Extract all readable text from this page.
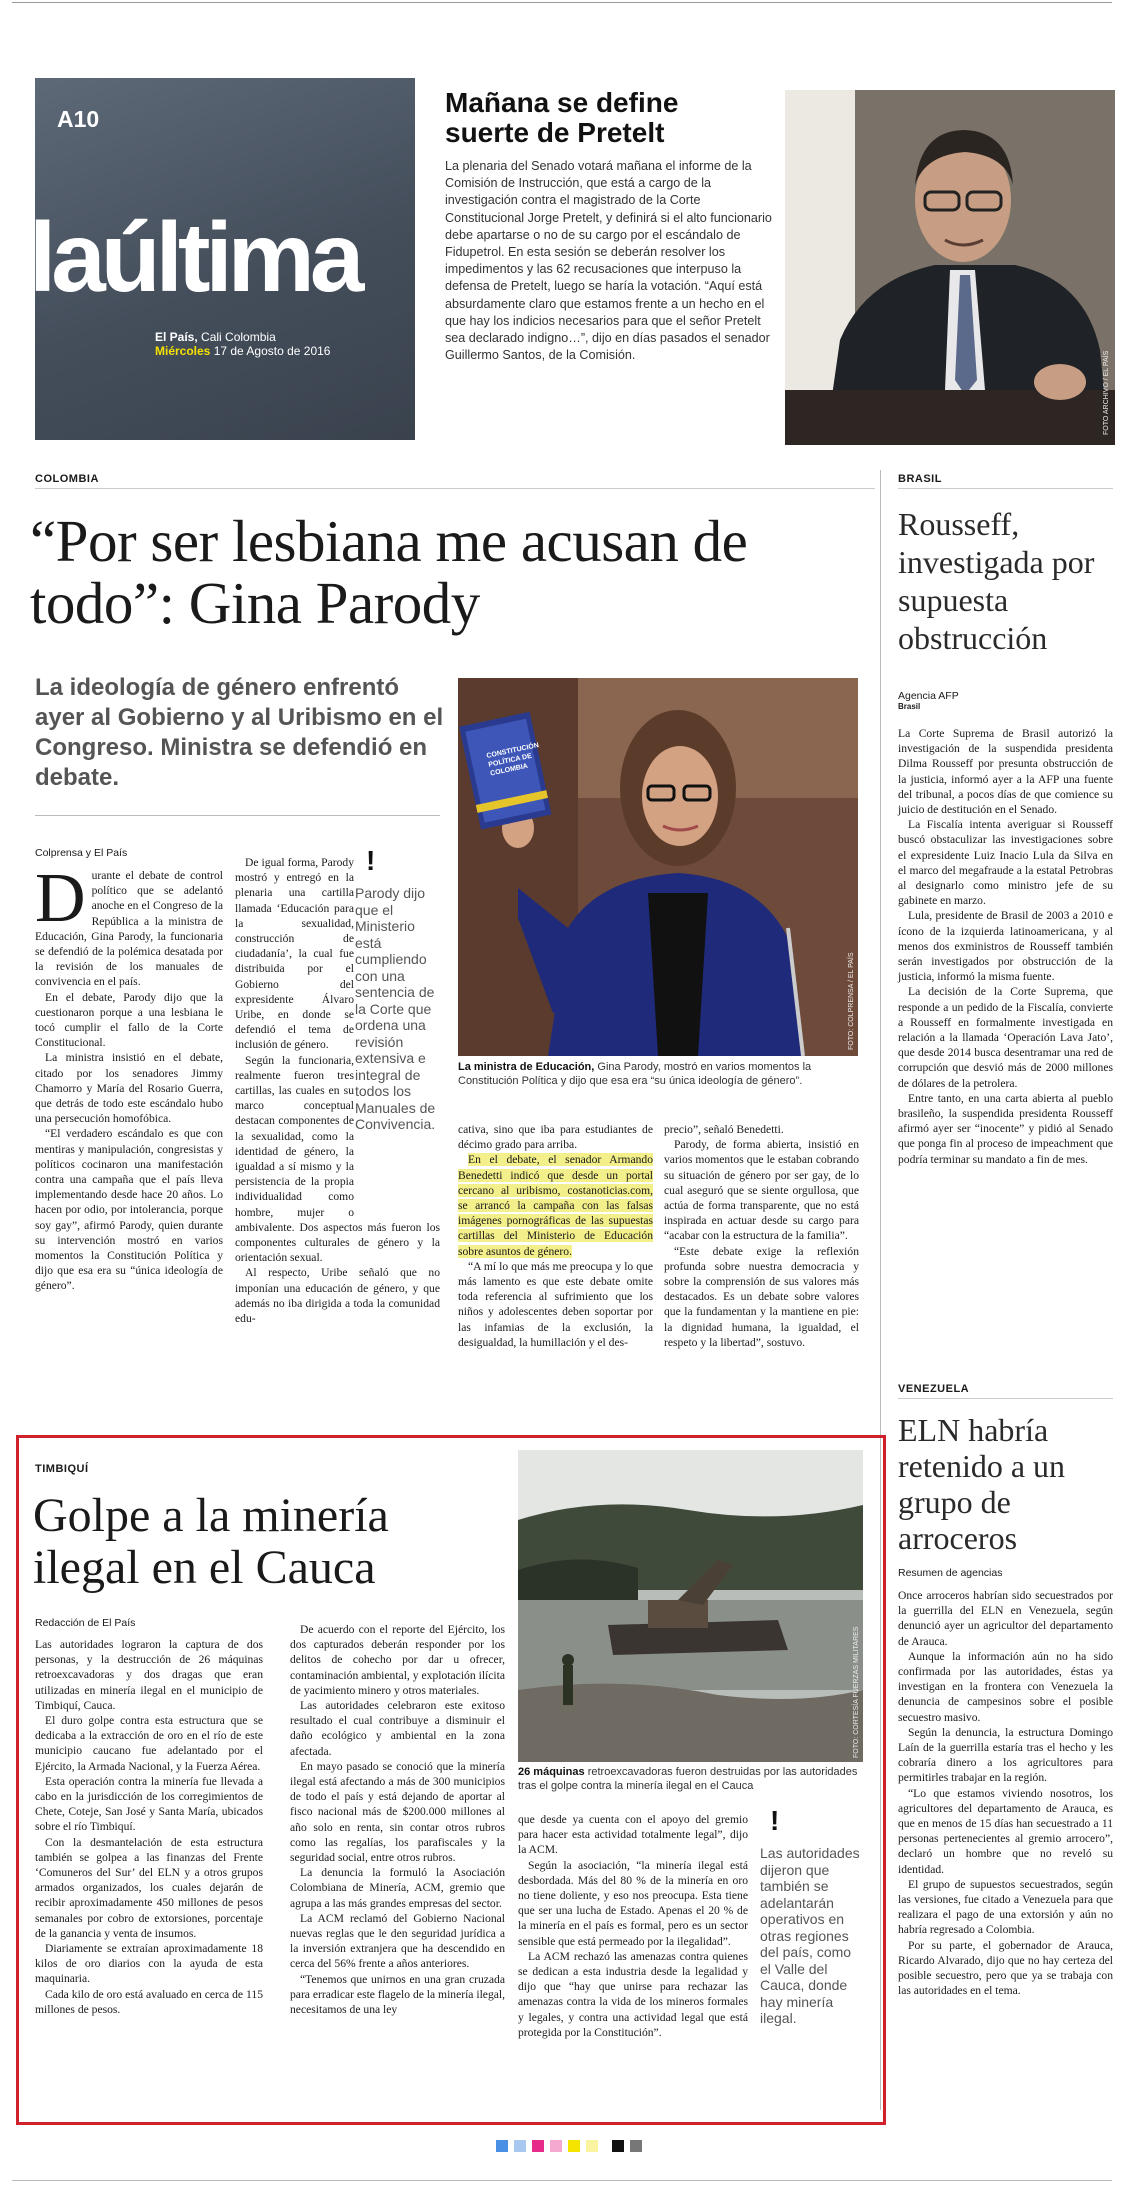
A10
laúltima
El País, Cali Colombia
Miércoles 17 de Agosto de 2016
Mañana se define suerte de Pretelt
La plenaria del Senado votará mañana el informe de la Comisión de Instrucción, que está a cargo de la investigación contra el magistrado de la Corte Constitucional Jorge Pretelt, y definirá si el alto funcionario debe apartarse o no de su cargo por el escándalo de Fidupetrol. En esta sesión se deberán resolver los impedimentos y las 62 recusaciones que interpuso la defensa de Pretelt, luego se haría la votación. “Aquí está absurdamente claro que estamos frente a un hecho en el que hay los indicios necesarios para que el señor Pretelt sea declarado indigno…”, dijo en días pasados el senador Guillermo Santos, de la Comisión.	FOTO ARCHIVO / EL PAÍS
COLOMBIA
“Por ser lesbiana me acusan de todo”: Gina Parody
La ideología de género enfrentó ayer al Gobierno y al Uribismo en el Congreso. Ministra se defendió en debate.
Colprensa y El País
D urante el debate de control político que se adelantó anoche en el Congreso de la República a la ministra de Educación, Gina Parody, la funcionaria se defendió de la polémica desatada por la revisión de los manuales de convivencia en el país.

En el debate, Parody dijo que la cuestionaron porque a una lesbiana le tocó cumplir el fallo de la Corte Constitucional.

La ministra insistió en el debate, citado por los senadores Jimmy Chamorro y María del Rosario Guerra, que detrás de todo este escándalo hubo una persecución homofóbica.

“El verdadero escándalo es que con mentiras y manipulación, congresistas y políticos cocinaron una manifestación contra una campaña que el país lleva implementando desde hace 20 años. Lo hacen por odio, por intolerancia, porque soy gay”, afirmó Parody, quien durante su intervención mostró en varios momentos la Constitución Política y dijo que esa era su “única ideología de género”.

De igual forma, Parody mostró y entregó en la plenaria una cartilla llamada ‘Educación para la sexualidad, construcción de ciudadanía’, la cual fue distribuida por el Gobierno del expresidente Álvaro Uribe, en donde se defendió el tema de inclusión de género.

Según la funcionaria, realmente fueron tres cartillas, las cuales en su marco conceptual destacan componentes de la sexualidad, como la identidad de género, la igualdad a sí mismo y la persistencia de la propia individualidad como hombre, mujer o ambivalente. Dos aspectos más fueron los componentes culturales de género y la orientación sexual.

Al respecto, Uribe señaló que no imponían una educación de género, y que además no iba dirigida a toda la comunidad edu-

!
Parody dijo que el Ministerio está cumpliendo con una sentencia de la Corte que ordena una revisión extensiva e integral de todos los Manuales de Convivencia.
CONSTITUCIÓN POLÍTICA DE COLOMBIA
FOTO: COLPRENSA / EL PAÍS
La ministra de Educación, Gina Parody, mostró en varios momentos la Constitución Política y dijo que esa era “su única ideología de género”.

cativa, sino que iba para estudiantes de décimo grado para arriba.

En el debate, el senador Armando Benedetti indicó que desde un portal cercano al uribismo, costanoticias.com, se arrancó la campaña con las falsas imágenes pornográficas de las supuestas cartillas del Ministerio de Educación sobre asuntos de género.

“A mí lo que más me preocupa y lo que más lamento es que este debate omite toda referencia al sufrimiento que los niños y adolescentes deben soportar por las infamias de la exclusión, la desigualdad, la humillación y el des-

precio”, señaló Benedetti.

Parody, de forma abierta, insistió en varios momentos que le estaban cobrando su situación de género por ser gay, de lo cual aseguró que se siente orgullosa, que actúa de forma transparente, que no está inspirada en actuar desde su cargo para “acabar con la estructura de la familia”.

“Este debate exige la reflexión profunda sobre nuestra democracia y sobre la comprensión de sus valores más destacados. Es un debate sobre valores que la fundamentan y la mantiene en pie: la dignidad humana, la igualdad, el respeto y la libertad”, sostuvo.

BRASIL
Rousseff, investigada por supuesta obstrucción
Agencia AFP
Brasil

La Corte Suprema de Brasil autorizó la investigación de la suspendida presidenta Dilma Rousseff por presunta obstrucción de la justicia, informó ayer a la AFP una fuente del tribunal, a pocos días de que comience su juicio de destitución en el Senado.

La Fiscalía intenta averiguar si Rousseff buscó obstaculizar las investigaciones sobre el expresidente Luiz Inacio Lula da Silva en el marco del megafraude a la estatal Petrobras al designarlo como ministro jefe de su gabinete en marzo.

Lula, presidente de Brasil de 2003 a 2010 e ícono de la izquierda latinoamericana, y al menos dos exministros de Rousseff también serán investigados por obstrucción de la justicia, informó la misma fuente.

La decisión de la Corte Suprema, que responde a un pedido de la Fiscalía, convierte a Rousseff en formalmente investigada en relación a la llamada ‘Operación Lava Jato’, que desde 2014 busca desentramar una red de corrupción que desvió más de 2000 millones de dólares de la petrolera.

Entre tanto, en una carta abierta al pueblo brasileño, la suspendida presidenta Rousseff afirmó ayer ser “inocente” y pidió al Senado que ponga fin al proceso de impeachment que podría terminar su mandato a fin de mes.

VENEZUELA
ELN habría retenido a un grupo de arroceros
Resumen de agencias

Once arroceros habrían sido secuestrados por la guerrilla del ELN en Venezuela, según denunció ayer un agricultor del departamento de Arauca.

Aunque la información aún no ha sido confirmada por las autoridades, éstas ya investigan en la frontera con Venezuela la denuncia de campesinos sobre el posible secuestro masivo.

Según la denuncia, la estructura Domingo Laín de la guerrilla estaría tras el hecho y les cobraría dinero a los agricultores para permitirles trabajar en la región.

“Lo que estamos viviendo nosotros, los agricultores del departamento de Arauca, es que en menos de 15 días han secuestrado a 11 personas pertenecientes al gremio arrocero”, declaró un hombre que no reveló su identidad.

El grupo de supuestos secuestrados, según las versiones, fue citado a Venezuela para que realizara el pago de una extorsión y aún no habría regresado a Colombia.

Por su parte, el gobernador de Arauca, Ricardo Alvarado, dijo que no hay certeza del posible secuestro, pero que ya se trabaja con las autoridades en el tema.

TIMBIQUÍ
Golpe a la minería ilegal en el Cauca
Redacción de El País

Las autoridades lograron la captura de dos personas, y la destrucción de 26 máquinas retroexcavadoras y dos dragas que eran utilizadas en minería ilegal en el municipio de Timbiquí, Cauca.

El duro golpe contra esta estructura que se dedicaba a la extracción de oro en el río de este municipio caucano fue adelantado por el Ejército, la Armada Nacional, y la Fuerza Aérea.

Esta operación contra la minería fue llevada a cabo en la jurisdicción de los corregimientos de Chete, Coteje, San José y Santa María, ubicados sobre el río Timbiquí.

Con la desmantelación de esta estructura también se golpea a las finanzas del Frente ‘Comuneros del Sur’ del ELN y a otros grupos armados organizados, los cuales dejarán de recibir aproximadamente 450 millones de pesos semanales por cobro de extorsiones, porcentaje de la ganancia y venta de insumos.

Diariamente se extraían aproximadamente 18 kilos de oro diarios con la ayuda de esta maquinaria.

Cada kilo de oro está avaluado en cerca de 115 millones de pesos.

De acuerdo con el reporte del Ejército, los dos capturados deberán responder por los delitos de cohecho por dar u ofrecer, contaminación ambiental, y explotación ilícita de yacimiento minero y otros materiales.

Las autoridades celebraron este exitoso resultado el cual contribuye a disminuir el daño ecológico y ambiental en la zona afectada.

En mayo pasado se conoció que la minería ilegal está afectando a más de 300 municipios de todo el país y está dejando de aportar al fisco nacional más de $200.000 millones al año solo en renta, sin contar otros rubros como las regalías, los parafiscales y la seguridad social, entre otros rubros.

La denuncia la formuló la Asociación Colombiana de Minería, ACM, gremio que agrupa a las más grandes empresas del sector.

La ACM reclamó del Gobierno Nacional nuevas reglas que le den seguridad jurídica a la inversión extranjera que ha descendido en cerca del 56% frente a años anteriores.

“Tenemos que unirnos en una gran cruzada para erradicar este flagelo de la minería ilegal, necesitamos de una ley

FOTO: CORTESÍA FUERZAS MILITARES
26 máquinas retroexcavadoras fueron destruidas por las autoridades tras el golpe contra la minería ilegal en el Cauca

que desde ya cuenta con el apoyo del gremio para hacer esta actividad totalmente legal”, dijo la ACM.

Según la asociación, “la minería ilegal está desbordada. Más del 80 % de la minería en oro no tiene doliente, y eso nos preocupa. Esta tiene que ser una lucha de Estado. Apenas el 20 % de la minería en el país es formal, pero es un sector sensible que está permeado por la ilegalidad”.

La ACM rechazó las amenazas contra quienes se dedican a esta industria desde la legalidad y dijo que “hay que unirse para rechazar las amenazas contra la vida de los mineros formales y legales, y contra una actividad legal que está protegida por la Constitución”.

!
Las autoridades dijeron que también se adelantarán operativos en otras regiones del país, como el Valle del Cauca, donde hay minería ilegal.
